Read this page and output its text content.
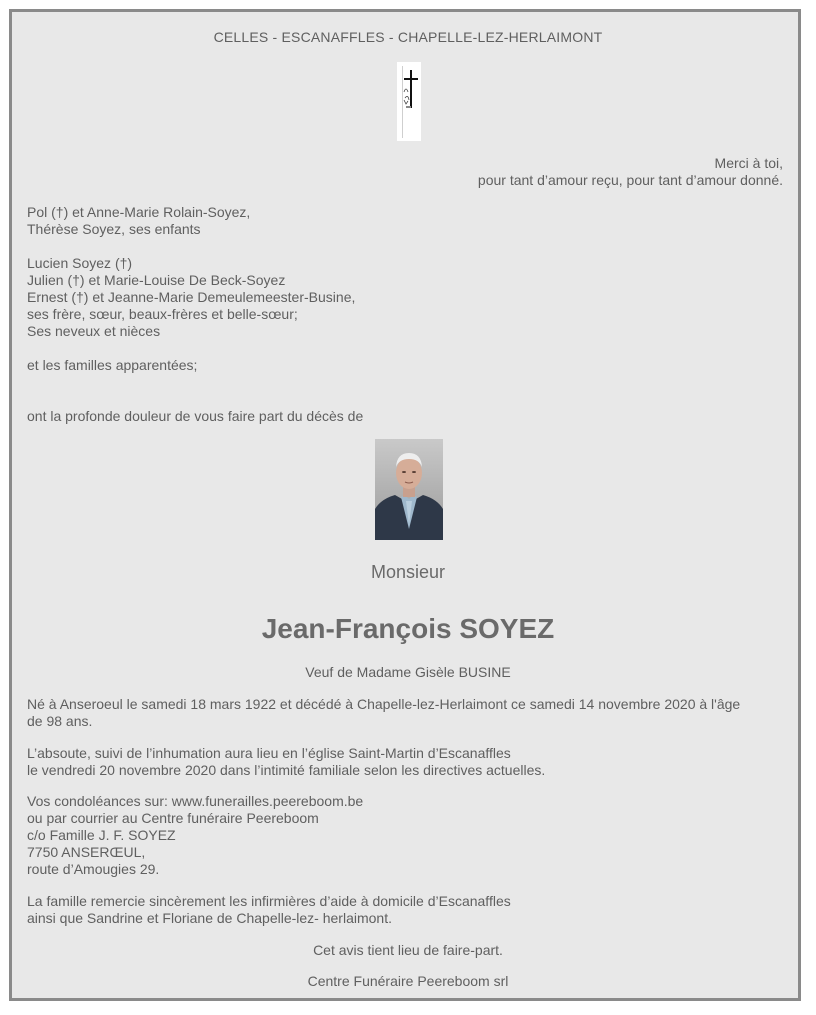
CELLES - ESCANAFFLES - CHAPELLE-LEZ-HERLAIMONT

Merci à toi,

pour tant d’amour reçu, pour tant d’amour donné.

Pol (†) et Anne-Marie Rolain-Soyez,

Thérèse Soyez, ses enfants

Lucien Soyez (†)

Julien (†) et Marie-Louise De Beck-Soyez

Ernest (†) et Jeanne-Marie Demeulemeester-Busine,

ses frère, sœur, beaux-frères et belle-sœur;

Ses neveux et nièces

et les familles apparentées;

ont la profonde douleur de vous faire part du décès de

Monsieur

Jean-François SOYEZ

Veuf de Madame Gisèle BUSINE

Né à Anseroeul le samedi 18 mars 1922 et décédé à Chapelle-lez-Herlaimont ce samedi 14 novembre 2020 à l'âge

de 98 ans.

L’absoute, suivi de l’inhumation aura lieu en l’église Saint-Martin d’Escanaffles

le vendredi 20 novembre 2020 dans l’intimité familiale selon les directives actuelles.

Vos condoléances sur: www.funerailles.peereboom.be

ou par courrier au Centre funéraire Peereboom

c/o Famille J. F. SOYEZ

7750 ANSERŒUL,

route d’Amougies 29.

La famille remercie sincèrement les infirmières d’aide à domicile d’Escanaffles

ainsi que Sandrine et Floriane de Chapelle-lez- herlaimont.

Cet avis tient lieu de faire-part.

Centre Funéraire Peereboom srl
